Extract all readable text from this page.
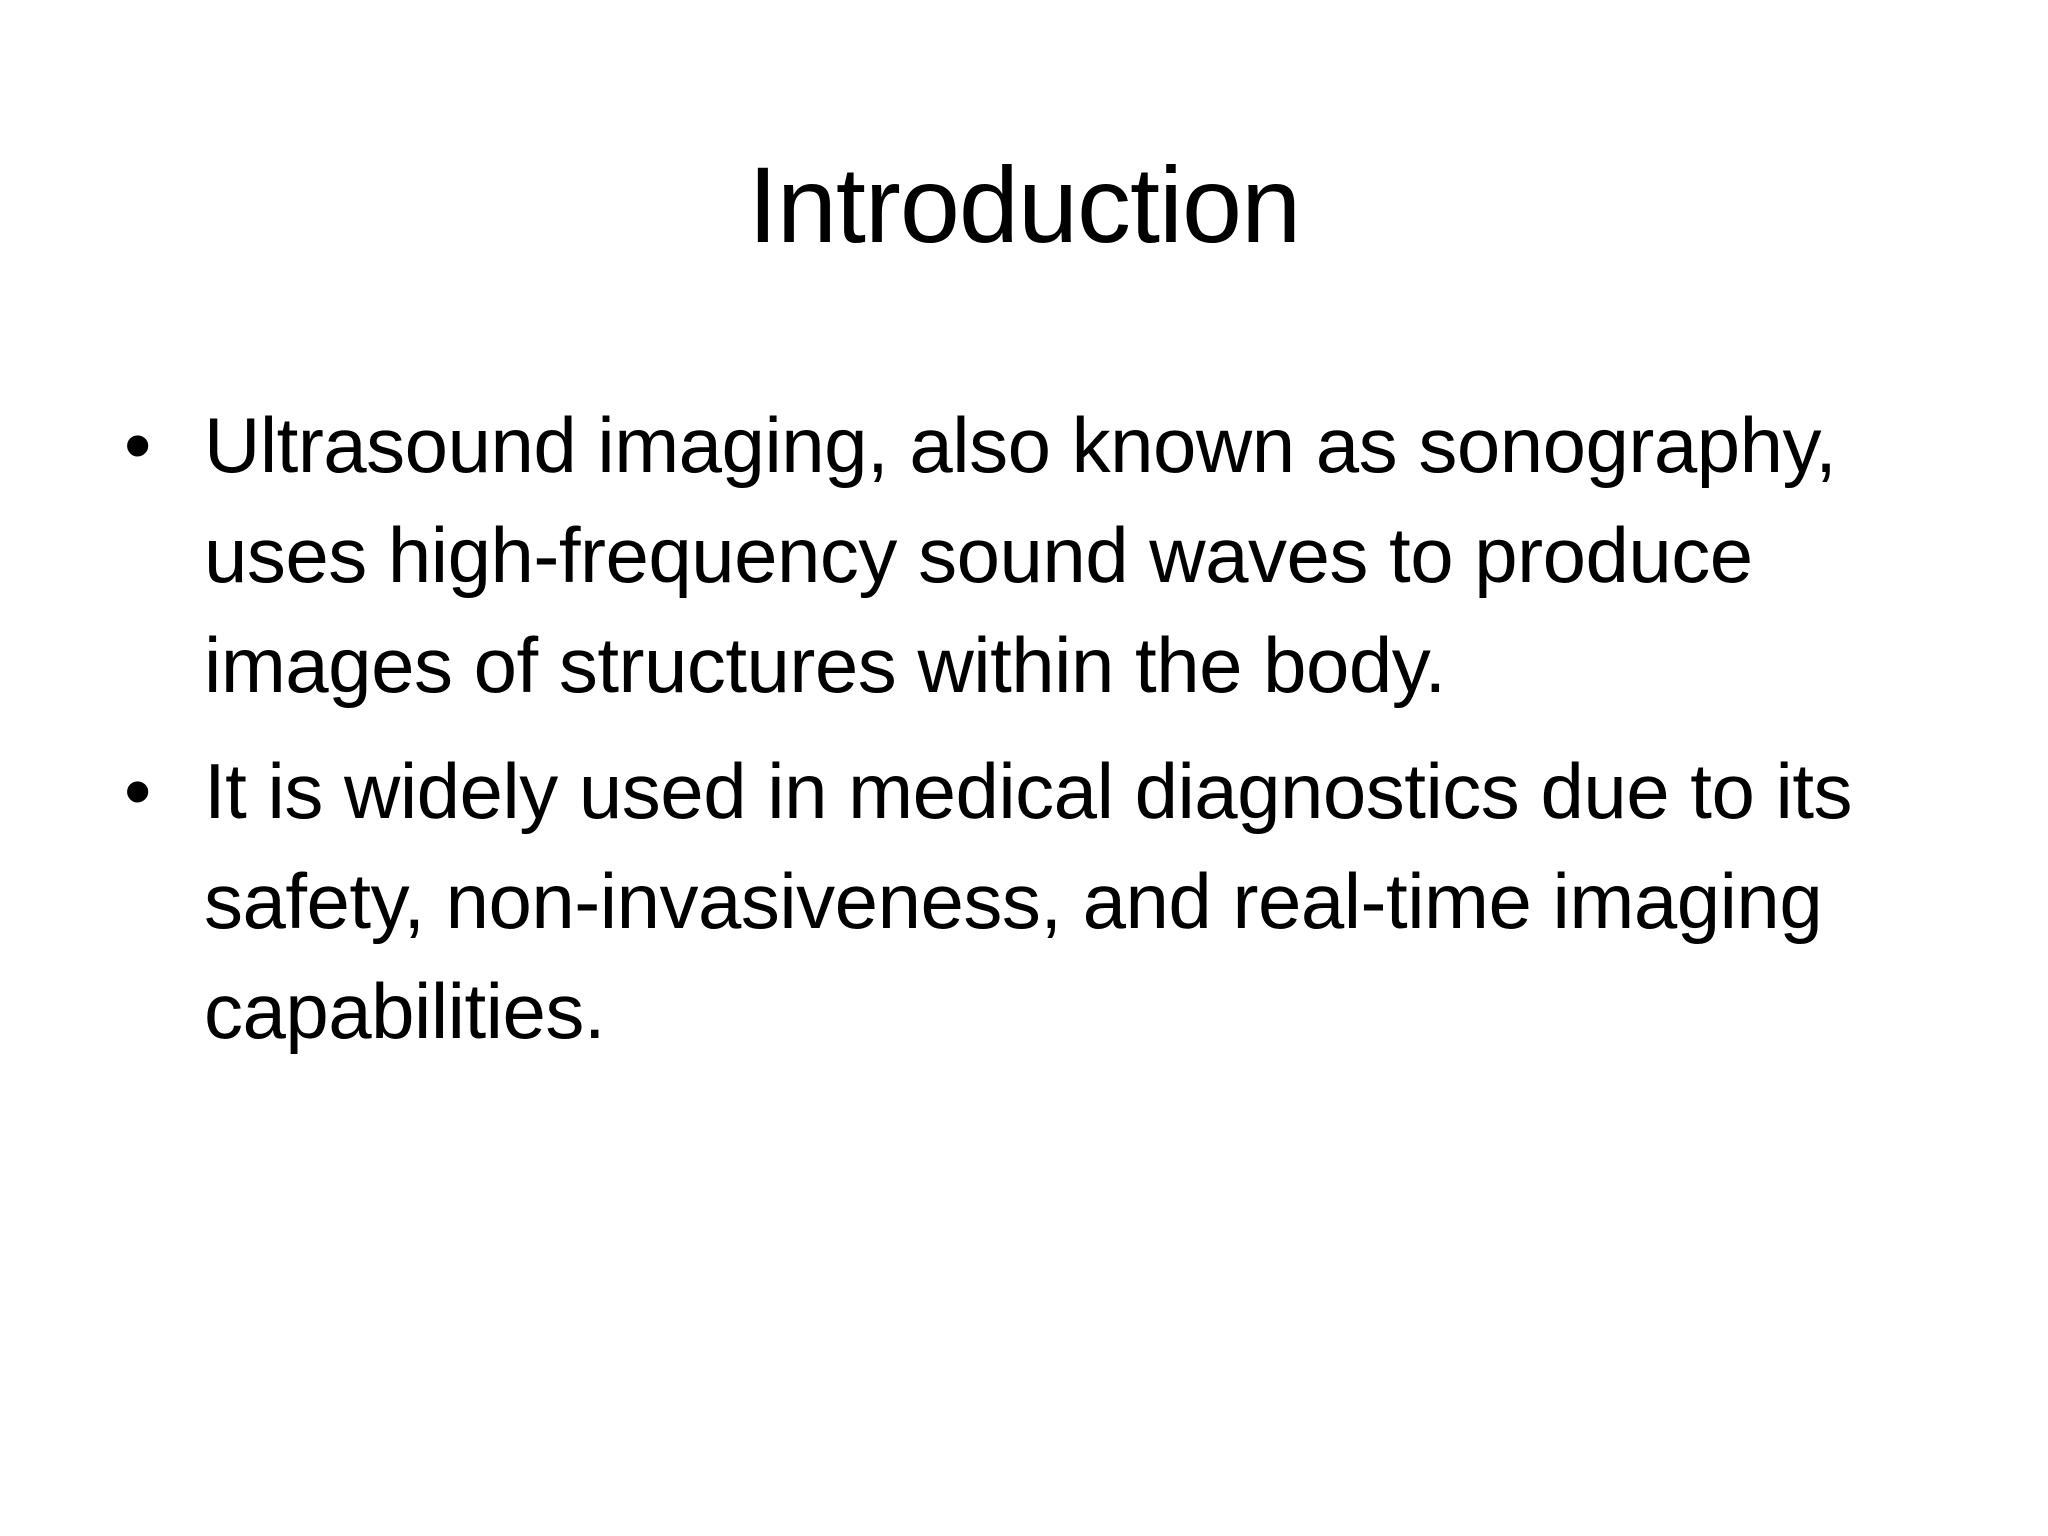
Introduction
• Ultrasound imaging, also known as sonography, uses high-frequency sound waves to produce images of structures within the body.
• It is widely used in medical diagnostics due to its safety, non-invasiveness, and real-time imaging capabilities.
